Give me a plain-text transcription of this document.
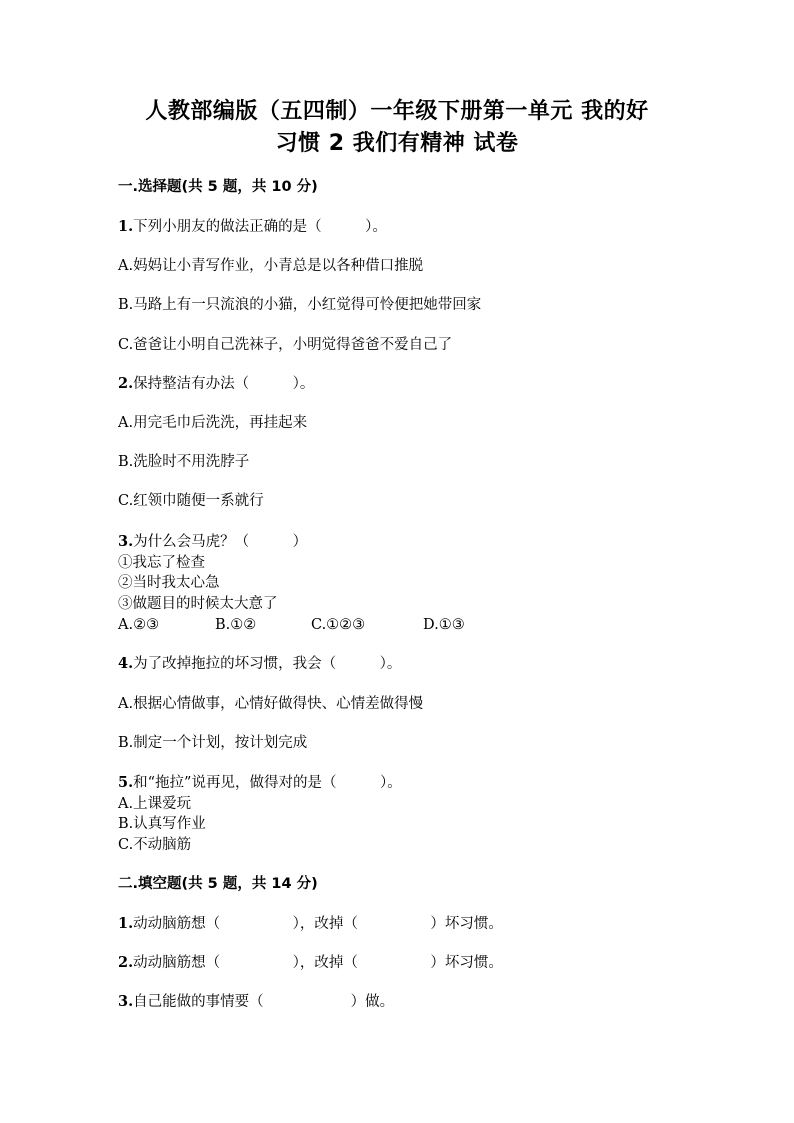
人教部编版（五四制）一年级下册第一单元 我的好
习惯 2 我们有精神 试卷
一.选择题(共 5 题，共 10 分)
1.下列小朋友的做法正确的是（　　　）。
A.妈妈让小青写作业，小青总是以各种借口推脱
B.马路上有一只流浪的小猫，小红觉得可怜便把她带回家
C.爸爸让小明自己洗袜子，小明觉得爸爸不爱自己了
2.保持整洁有办法（　　　）。
A.用完毛巾后洗洗，再挂起来
B.洗脸时不用洗脖子
C.红领巾随便一系就行
3.为什么会马虎？（　　　）
①我忘了检查
②当时我太心急
③做题目的时候太大意了
A.②③	B.①②	C.①②③	D.①③
4.为了改掉拖拉的坏习惯，我会（　　　）。
A.根据心情做事，心情好做得快、心情差做得慢
B.制定一个计划，按计划完成
5.和“拖拉”说再见，做得对的是（　　　）。
A.上课爱玩
B.认真写作业
C.不动脑筋
二.填空题(共 5 题，共 14 分)
1.动动脑筋想（　　　　　），改掉（　　　　　）坏习惯。
2.动动脑筋想（　　　　　），改掉（　　　　　）坏习惯。
3.自己能做的事情要（　　　　　　）做。
